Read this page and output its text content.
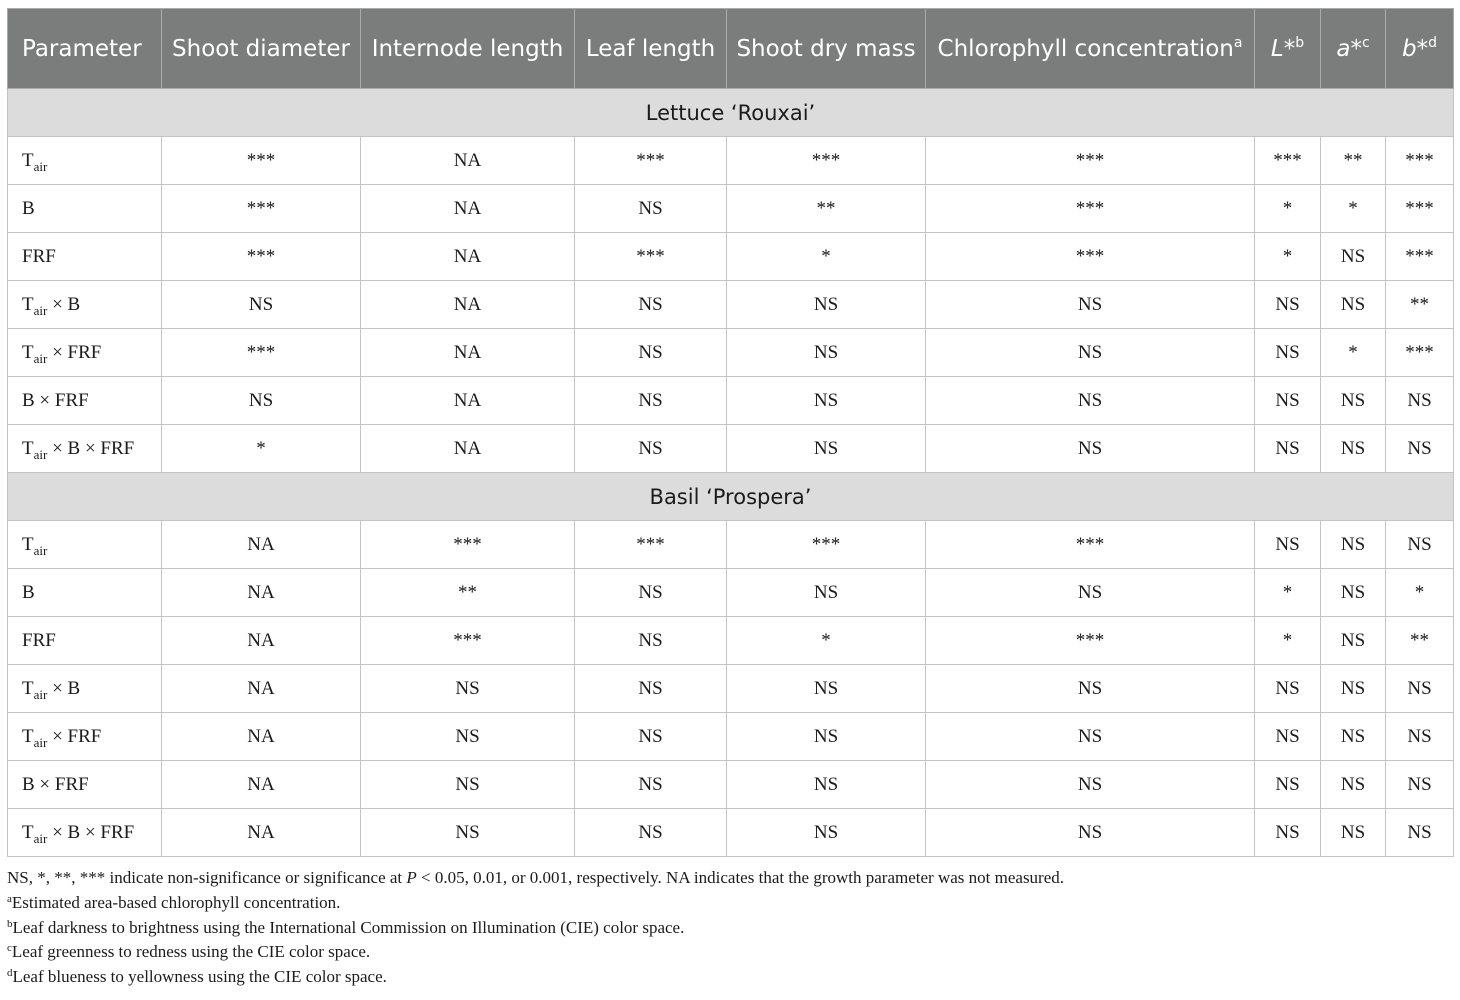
Parameter	Shoot diameter	Internode length	Leaf length	Shoot dry mass	Chlorophyll concentration$^a$	L*$^b$	a*$^c$	b*$^d$
Lettuce ‘Rouxai’								
$T_{air}$	***	NA	***	***	***	***	**	***
B	***	NA	NS	**	***	*	*	***
FRF	***	NA	***	*	***	*	NS	***
$T_{air} \times B$	NS	NA	NS	NS	NS	NS	NS	**
$T_{air}$ × FRF	***	NA	NS	NS	NS	NS	*	***
B × FRF	NS	NA	NS	NS	NS	NS	NS	NS
$T_{air} \times B$ × FRF	*	NA	NS	NS	NS	NS	NS	NS
Basil ‘Prospera’								
$T_{air}$	NA	***	***	***	***	NS	NS	NS
B	NA	**	NS	NS	NS	*	NS	*
FRF	NA	***	NS	*	***	*	NS	**
$T_{air} \times B$	NA	NS	NS	NS	NS	NS	NS	NS
$T_{air}$ × FRF	NA	NS	NS	NS	NS	NS	NS	NS
B × FRF	NA	NS	NS	NS	NS	NS	NS	NS
$T_{air} \times B$ × FRF	NA	NS	NS	NS	NS	NS	NS	NS

NS, *, **, *** indicate non-significance or significance at P < 0.05, 0.01, or 0.001, respectively. NA indicates that the growth parameter was not measured.

$^a$Estimated area-based chlorophyll concentration.

$^b$Leaf darkness to brightness using the International Commission on Illumination (CIE) color space.

$^c$Leaf greenness to redness using the CIE color space.

$^d$Leaf blueness to yellowness using the CIE color space.
